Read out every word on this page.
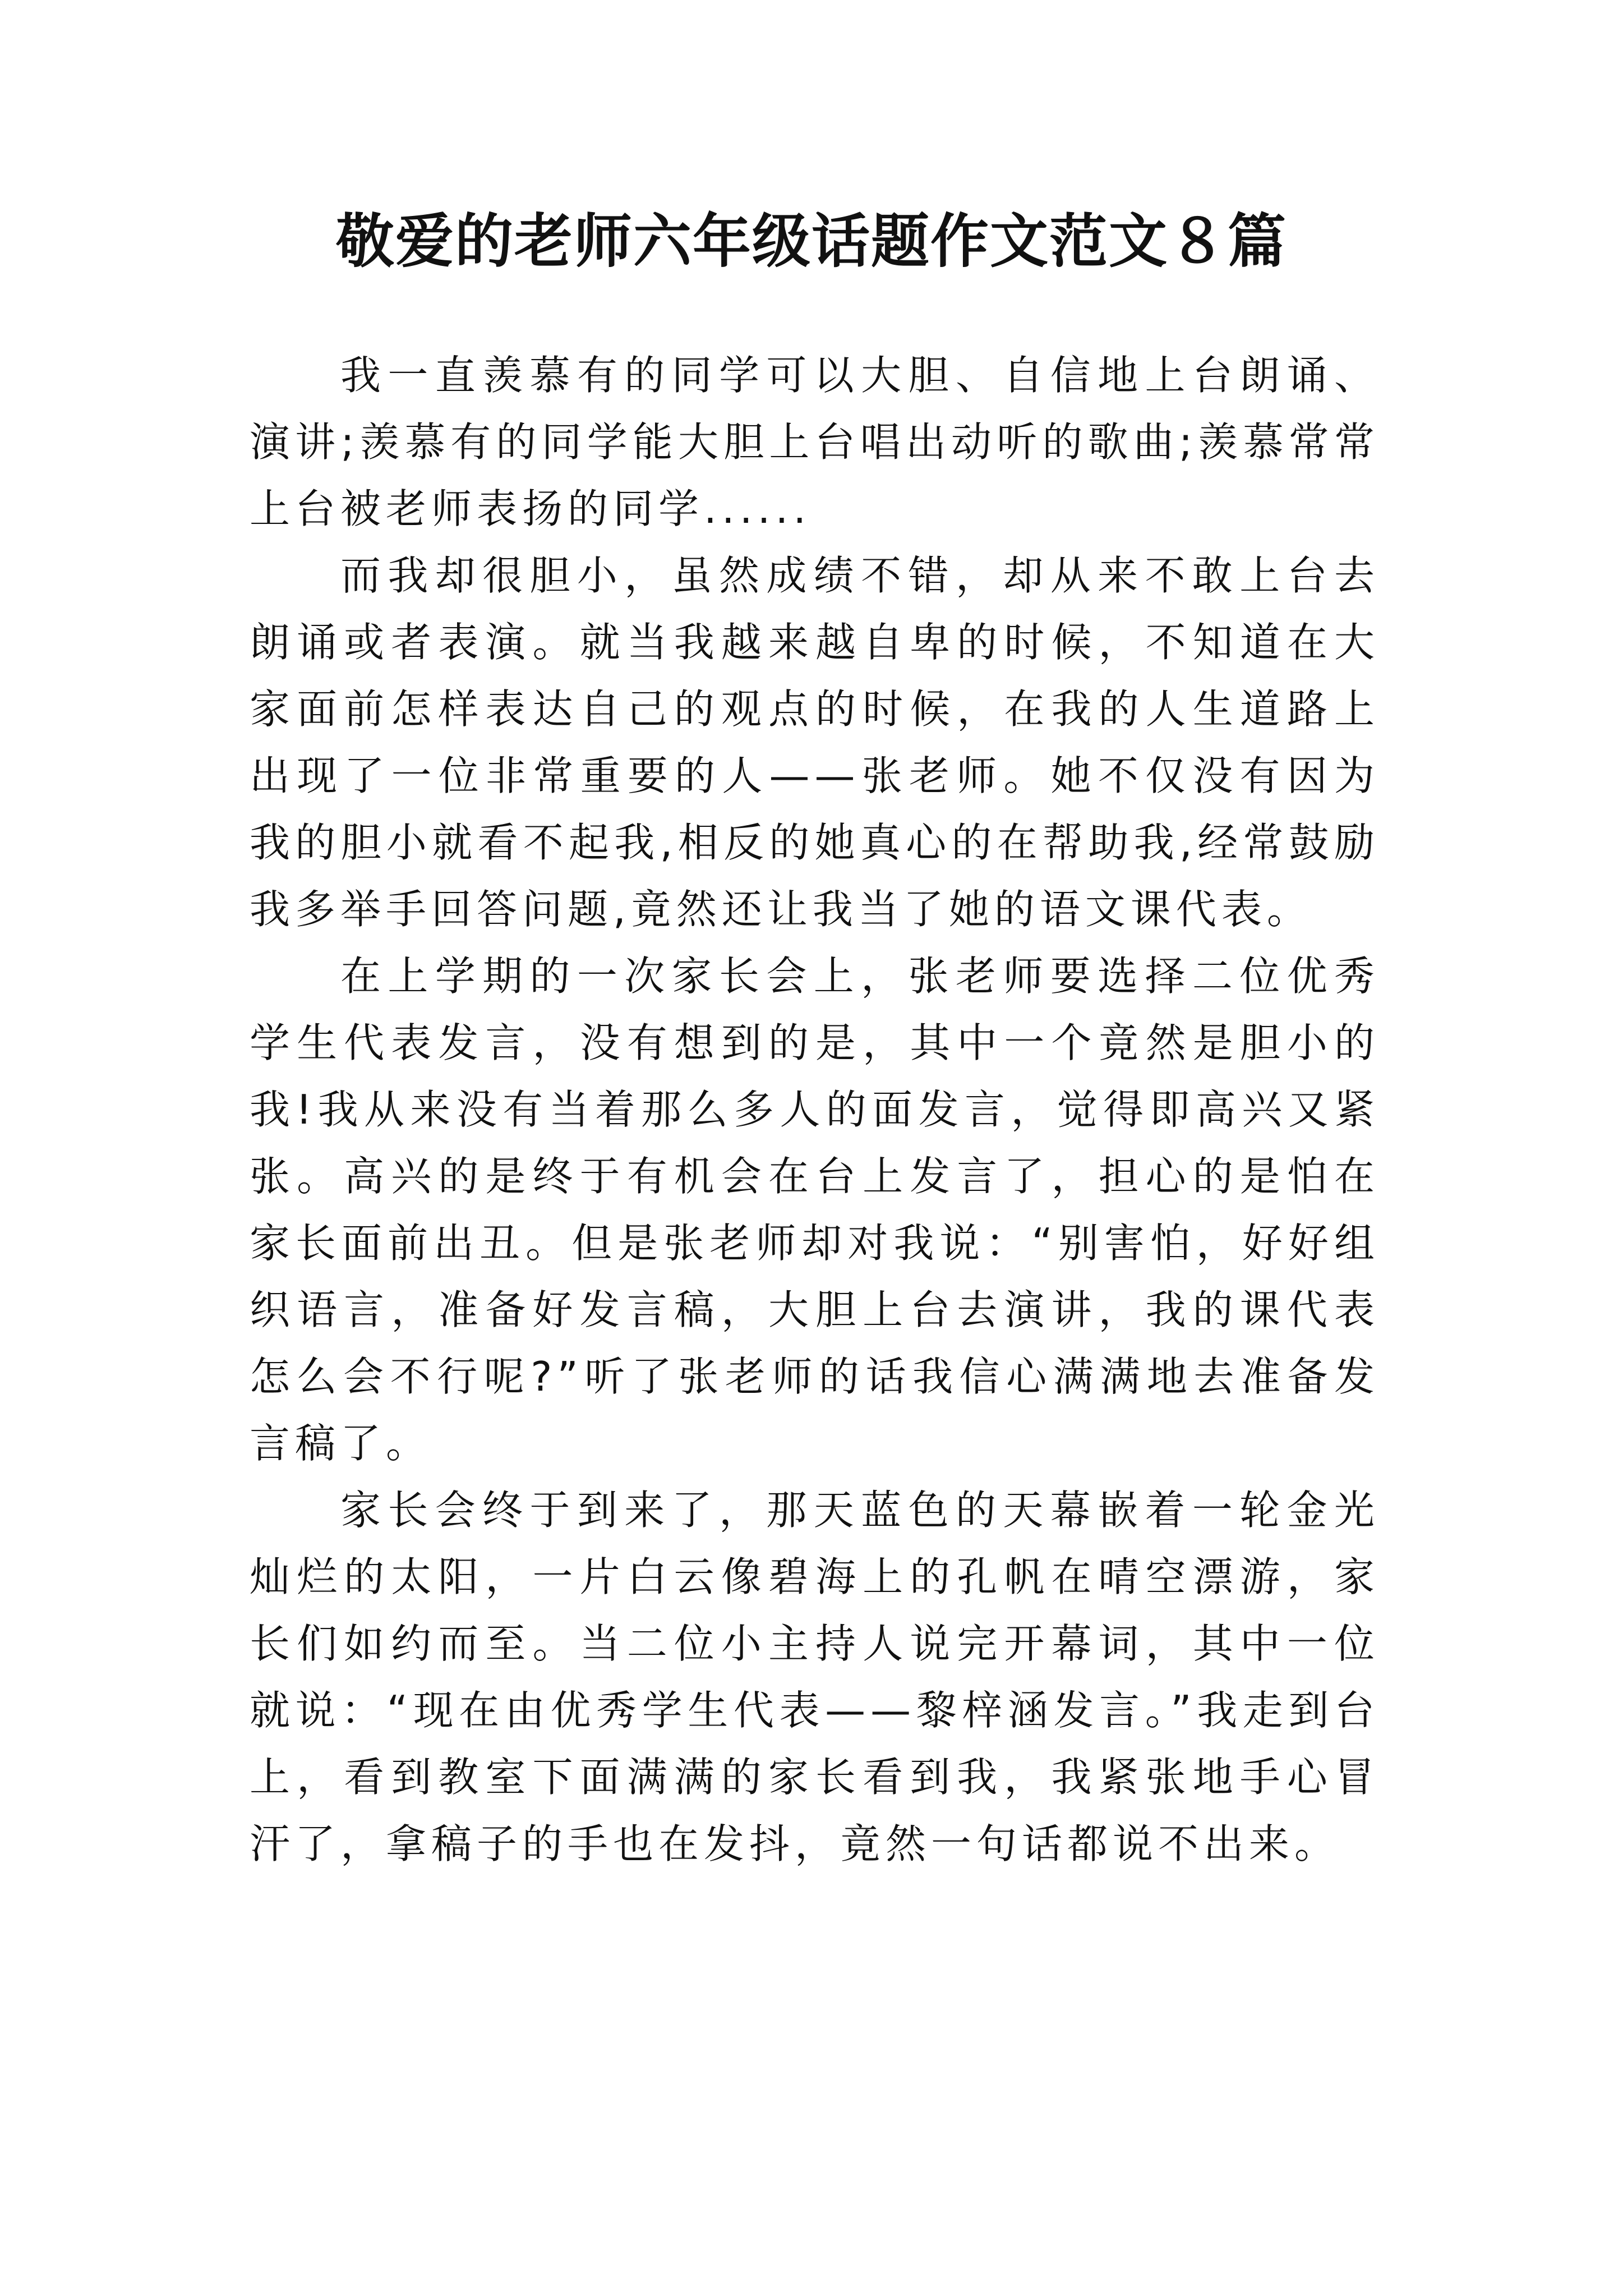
敬爱的老师六年级话题作文范文８篇

我一直羡慕有的同学可以大胆、自信地上台朗诵、演讲;羡慕有的同学能大胆上台唱出动听的歌曲;羡慕常常上台被老师表扬的同学......

而我却很胆小，虽然成绩不错，却从来不敢上台去朗诵或者表演。就当我越来越自卑的时候，不知道在大家面前怎样表达自己的观点的时候，在我的人生道路上出现了一位非常重要的人——张老师。她不仅没有因为我的胆小就看不起我,相反的她真心的在帮助我,经常鼓励我多举手回答问题,竟然还让我当了她的语文课代表。

在上学期的一次家长会上，张老师要选择二位优秀学生代表发言，没有想到的是，其中一个竟然是胆小的我!我从来没有当着那么多人的面发言，觉得即高兴又紧张。高兴的是终于有机会在台上发言了，担心的是怕在家长面前出丑。但是张老师却对我说：“别害怕，好好组织语言，准备好发言稿，大胆上台去演讲，我的课代表怎么会不行呢?”听了张老师的话我信心满满地去准备发言稿了。

家长会终于到来了，那天蓝色的天幕嵌着一轮金光灿烂的太阳，一片白云像碧海上的孔帆在晴空漂游，家长们如约而至。当二位小主持人说完开幕词，其中一位就说：“现在由优秀学生代表——黎梓涵发言。”我走到台上，看到教室下面满满的家长看到我，我紧张地手心冒汗了，拿稿子的手也在发抖，竟然一句话都说不出来。
